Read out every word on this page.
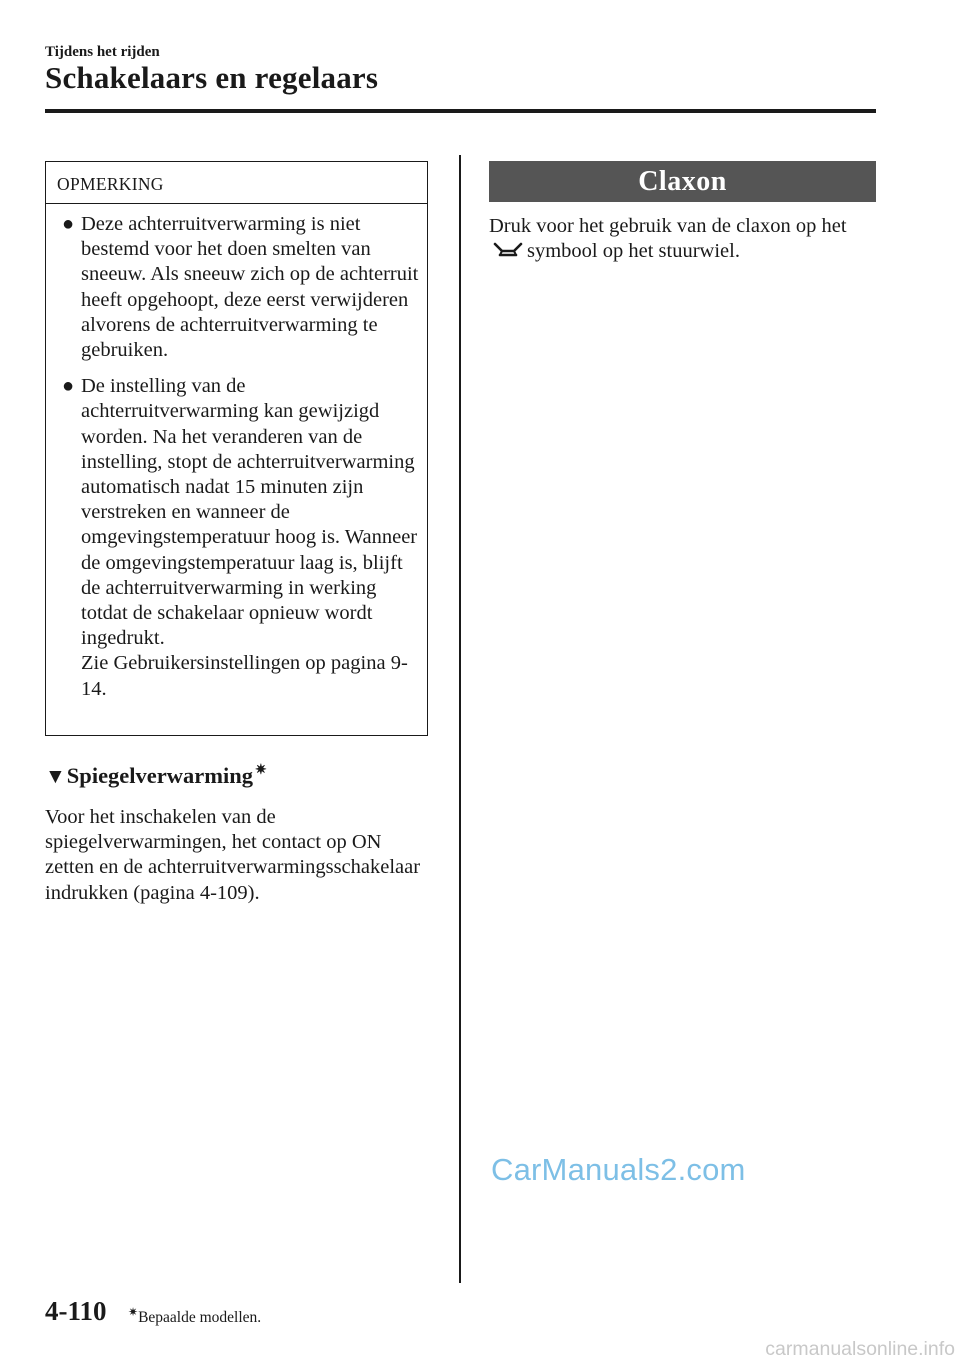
Tijdens het rijden
Schakelaars en regelaars
OPMERKING
● Deze achterruitverwarming is niet bestemd voor het doen smelten van sneeuw. Als sneeuw zich op de achterruit heeft opgehoopt, deze eerst verwijderen alvorens de achterruitverwarming te gebruiken.
● De instelling van de achterruitverwarming kan gewijzigd worden. Na het veranderen van de instelling, stopt de achterruitverwarming automatisch nadat 15 minuten zijn verstreken en wanneer de omgevingstemperatuur hoog is. Wanneer de omgevingstemperatuur laag is, blijft de achterruitverwarming in werking totdat de schakelaar opnieuw wordt ingedrukt.
Zie Gebruikersinstellingen op pagina 9-14.
▼Spiegelverwarming ✷
Voor het inschakelen van de spiegelverwarmingen, het contact op ON zetten en de achterruitverwarmingsschakelaar indrukken (pagina 4-109).
Claxon
Druk voor het gebruik van de claxon op hetsymbool op het stuurwiel.
CarManuals2.com
4-110 ✷Bepaalde modellen.
carmanualsonline.info
